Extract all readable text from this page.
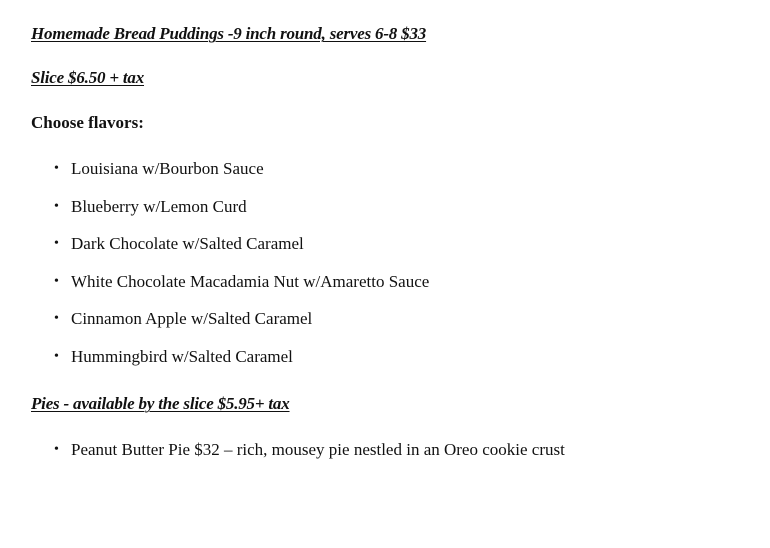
Homemade Bread Puddings -9 inch round, serves 6-8 $33

Slice $6.50 + tax

Choose flavors:

• Louisiana w/Bourbon Sauce
• Blueberry w/Lemon Curd
• Dark Chocolate w/Salted Caramel
• White Chocolate Macadamia Nut w/Amaretto Sauce
• Cinnamon Apple w/Salted Caramel
• Hummingbird w/Salted Caramel

Pies - available by the slice $5.95+ tax

• Peanut Butter Pie $32 – rich, mousey pie nestled in an Oreo cookie crust
